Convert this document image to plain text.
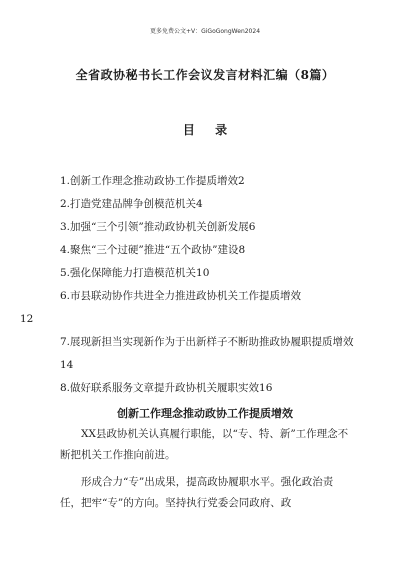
更多免费公文+V：GiGoGongWen2024
全省政协秘书长工作会议发言材料汇编（8篇）
目 录

1.创新工作理念推动政协工作提质增效2

2.打造党建品牌争创模范机关4

3.加强“三个引领”推动政协机关创新发展6

4.聚焦“三个过硬”推进“五个政协”建设8

5.强化保障能力打造模范机关10

6.市县联动协作共进全力推进政协机关工作提质增效
12

7.展现新担当实现新作为于出新样子不断助推政协履职提质增效14

8.做好联系服务文章提升政协机关履职实效16

创新工作理念推动政协工作提质增效

XX县政协机关认真履行职能，以“专、特、新”工作理念不断把机关工作推向前进。

形成合力“专”出成果，提高政协履职水平。强化政治责任，把牢“专”的方向。坚持执行党委会同政府、政
